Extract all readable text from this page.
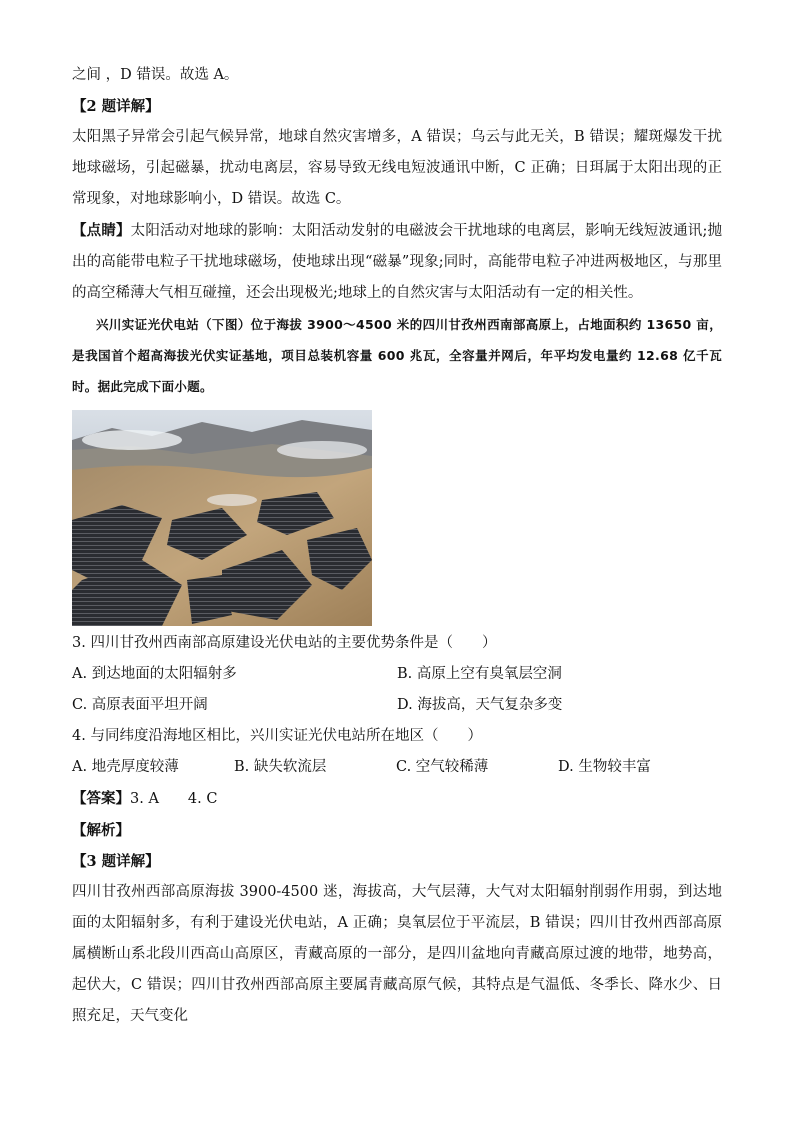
之间 ，D 错误。故选 A。

【2 题详解】

太阳黑子异常会引起气候异常，地球自然灾害增多，A 错误；乌云与此无关，B 错误；耀斑爆发干扰地球磁场，引起磁暴，扰动电离层，容易导致无线电短波通讯中断，C 正确；日珥属于太阳出现的正常现象，对地球影响小，D 错误。故选 C。

【点睛】太阳活动对地球的影响：太阳活动发射的电磁波会干扰地球的电离层，影响无线短波通讯;抛出的高能带电粒子干扰地球磁场，使地球出现“磁暴”现象;同时，高能带电粒子冲进两极地区，与那里的高空稀薄大气相互碰撞，还会出现极光;地球上的自然灾害与太阳活动有一定的相关性。

兴川实证光伏电站（下图）位于海拔 3900～4500 米的四川甘孜州西南部高原上，占地面积约 13650 亩，是我国首个超高海拔光伏实证基地，项目总装机容量 600 兆瓦，全容量并网后，年平均发电量约 12.68 亿千瓦时。据此完成下面小题。

3. 四川甘孜州西南部高原建设光伏电站的主要优势条件是（　　）

A. 到达地面的太阳辐射多	B. 高原上空有臭氧层空洞
C. 高原表面平坦开阔	D. 海拔高，天气复杂多变

4. 与同纬度沿海地区相比，兴川实证光伏电站所在地区（　　）

A. 地壳厚度较薄	B. 缺失软流层	C. 空气较稀薄	D. 生物较丰富

【答案】3. A　　4. C

【解析】

【3 题详解】

四川甘孜州西部高原海拔 3900-4500 迷，海拔高，大气层薄，大气对太阳辐射削弱作用弱，到达地面的太阳辐射多，有利于建设光伏电站，A 正确；臭氧层位于平流层，B 错误；四川甘孜州西部高原属横断山系北段川西高山高原区，青藏高原的一部分，是四川盆地向青藏高原过渡的地带，地势高，起伏大，C 错误；四川甘孜州西部高原主要属青藏高原气候，其特点是气温低、冬季长、降水少、日照充足，天气变化
